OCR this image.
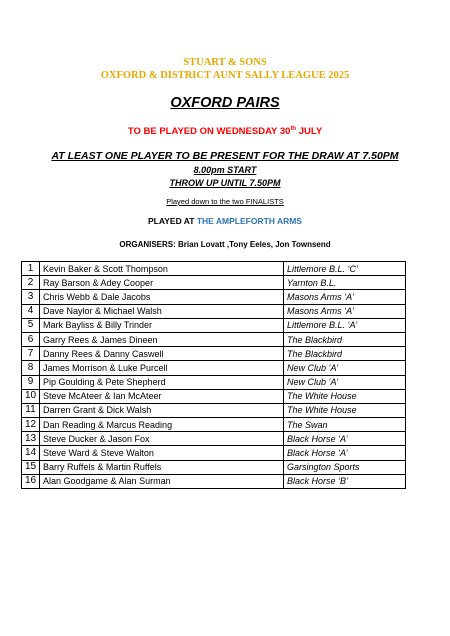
STUART & SONS
OXFORD & DISTRICT AUNT SALLY LEAGUE 2025
OXFORD PAIRS
TO BE PLAYED ON WEDNESDAY 30th JULY
AT LEAST ONE PLAYER TO BE PRESENT FOR THE DRAW AT 7.50PM
8.00pm START
THROW UP UNTIL 7.50PM
Played down to the two FINALISTS
PLAYED AT THE AMPLEFORTH ARMS
ORGANISERS: Brian Lovatt ,Tony Eeles, Jon Townsend
1	Kevin Baker & Scott Thompson	Littlemore B.L. ‘C’
2	Ray Barson & Adey Cooper	Yarnton B.L.
3	Chris Webb & Dale Jacobs	Masons Arms ‘A’
4	Dave Naylor & Michael Walsh	Masons Arms ‘A’
5	Mark Bayliss & Billy Trinder	Littlemore B.L. ‘A’
6	Garry Rees & James Dineen	The Blackbird
7	Danny Rees & Danny Caswell	The Blackbird
8	James Morrison & Luke Purcell	New Club ‘A’
9	Pip Goulding & Pete Shepherd	New Club ‘A’
10	Steve McAteer & Ian McAteer	The White House
11	Darren Grant & Dick Walsh	The White House
12	Dan Reading & Marcus Reading	The Swan
13	Steve Ducker & Jason Fox	Black Horse ‘A’
14	Steve Ward & Steve Walton	Black Horse ‘A’
15	Barry Ruffels & Martin Ruffels	Garsington Sports
16	Alan Goodgame & Alan Surman	Black Horse ‘B’
